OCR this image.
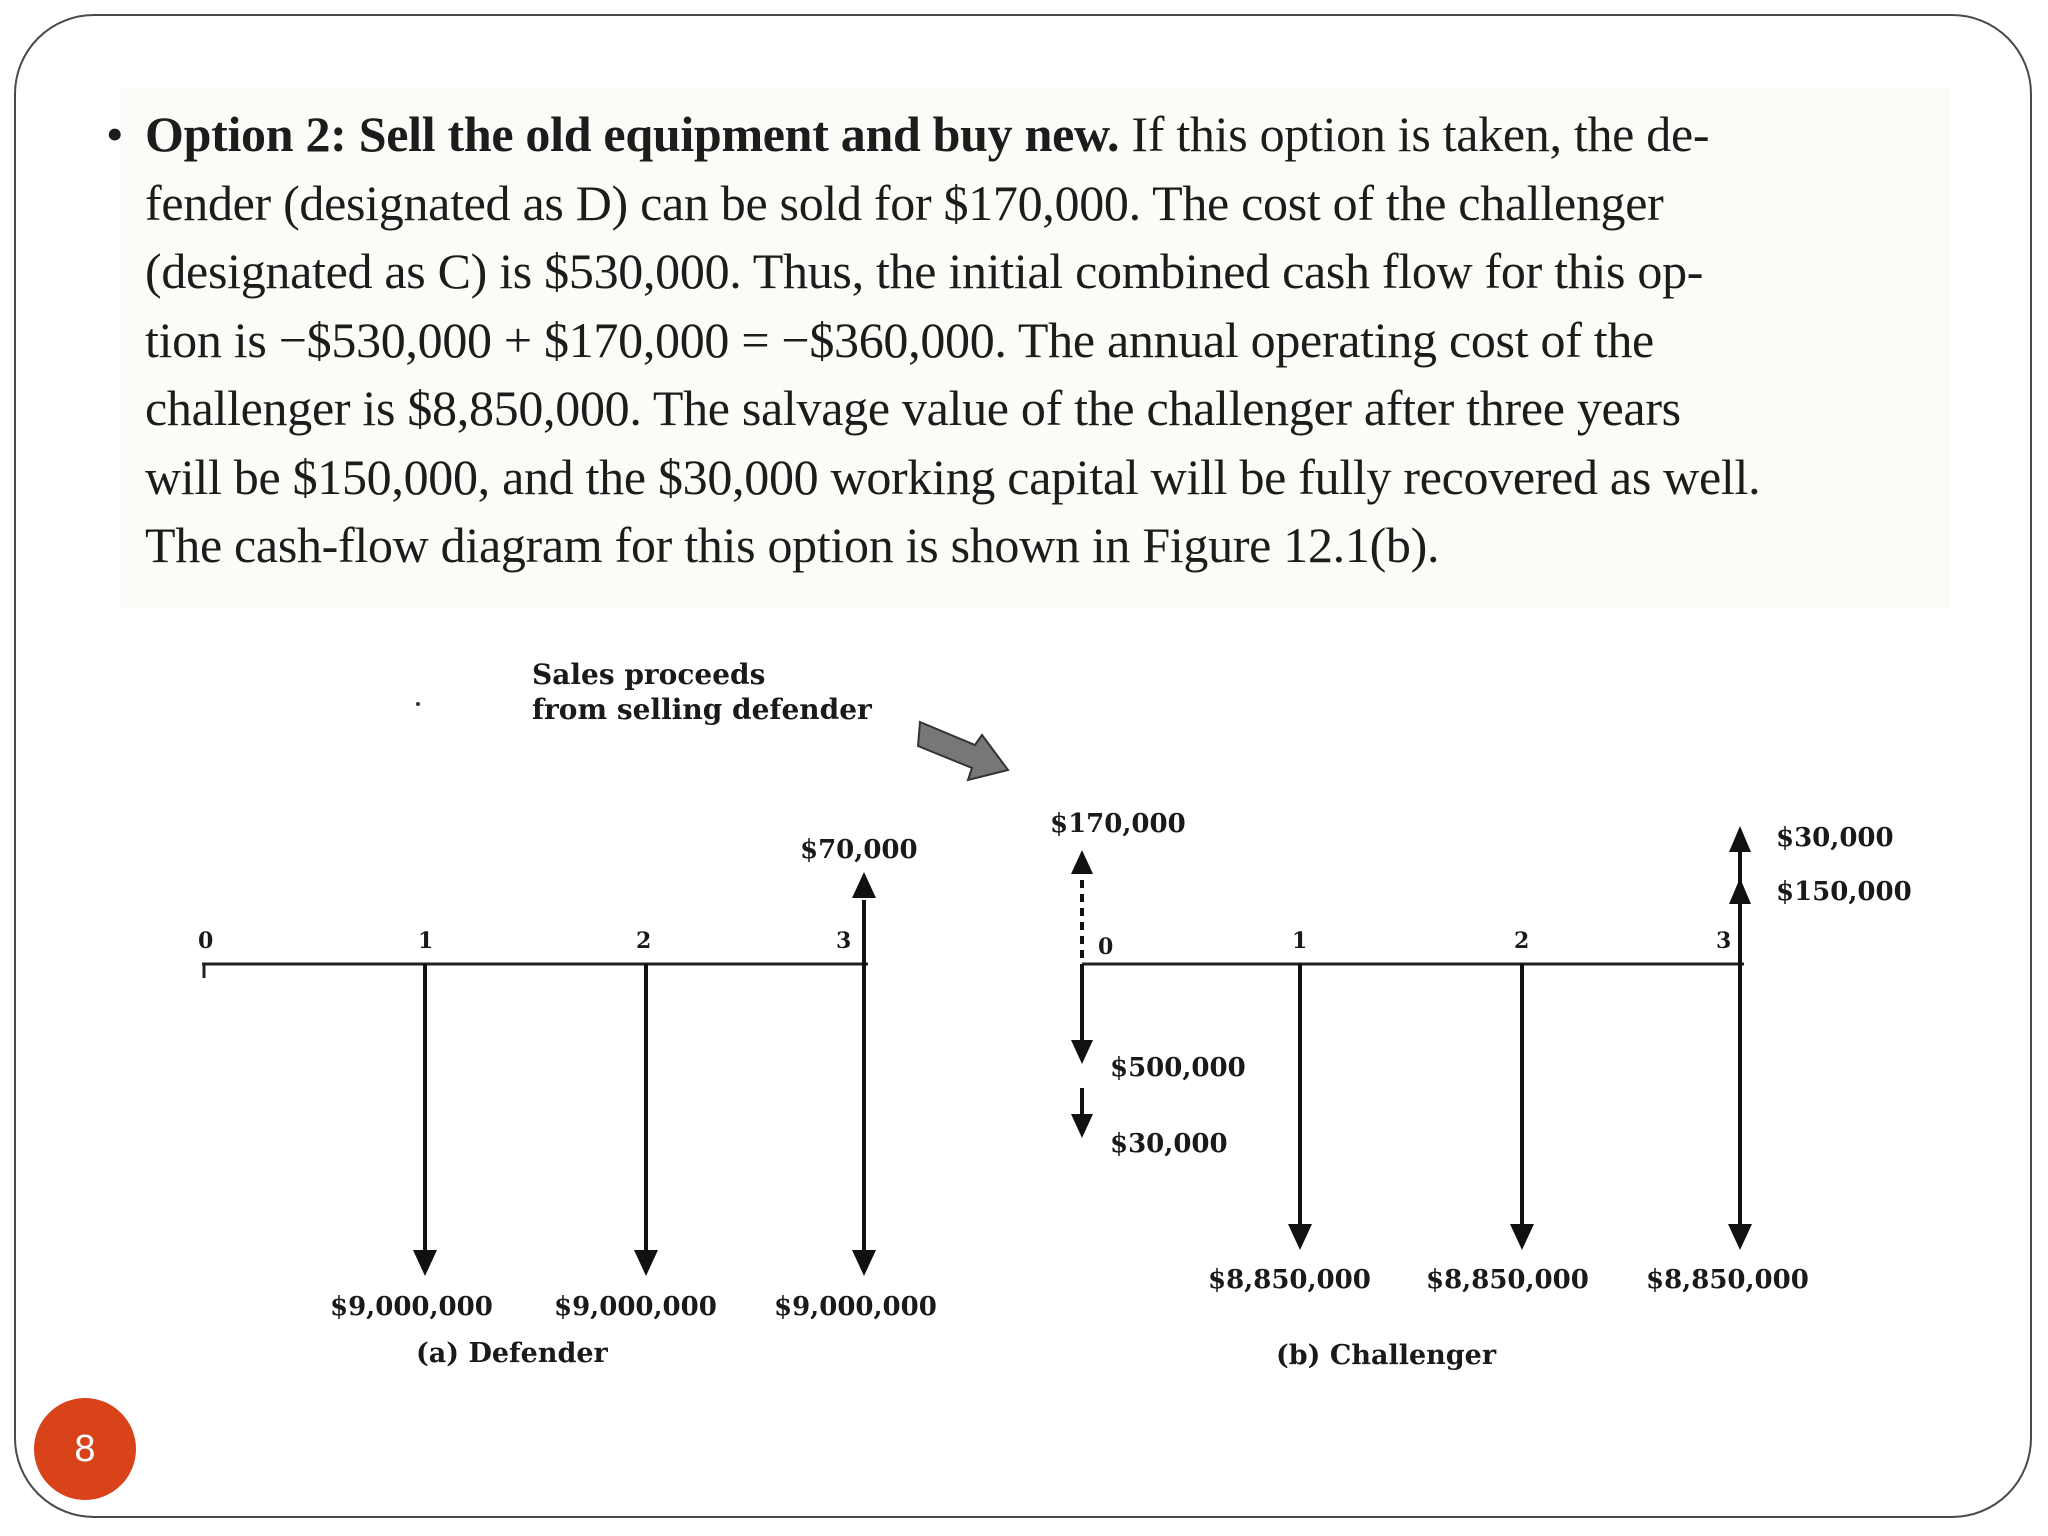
• Option 2: Sell the old equipment and buy new. If this option is taken, the de-
fender (designated as D) can be sold for $170,000. The cost of the challenger
(designated as C) is $530,000. Thus, the initial combined cash flow for this op-
tion is −$530,000 + $170,000 = −$360,000. The annual operating cost of the
challenger is $8,850,000. The salvage value of the challenger after three years
will be $150,000, and the $30,000 working capital will be fully recovered as well.
The cash-flow diagram for this option is shown in Figure 12.1(b).
Sales proceeds
from selling defender
0	1	2	3
$70,000
$9,000,000 $9,000,000 $9,000,000
(a) Defender
0	1	2	3
$170,000
$500,000
$30,000
$30,000
$150,000
$8,850,000 $8,850,000 $8,850,000
(b) Challenger
8
